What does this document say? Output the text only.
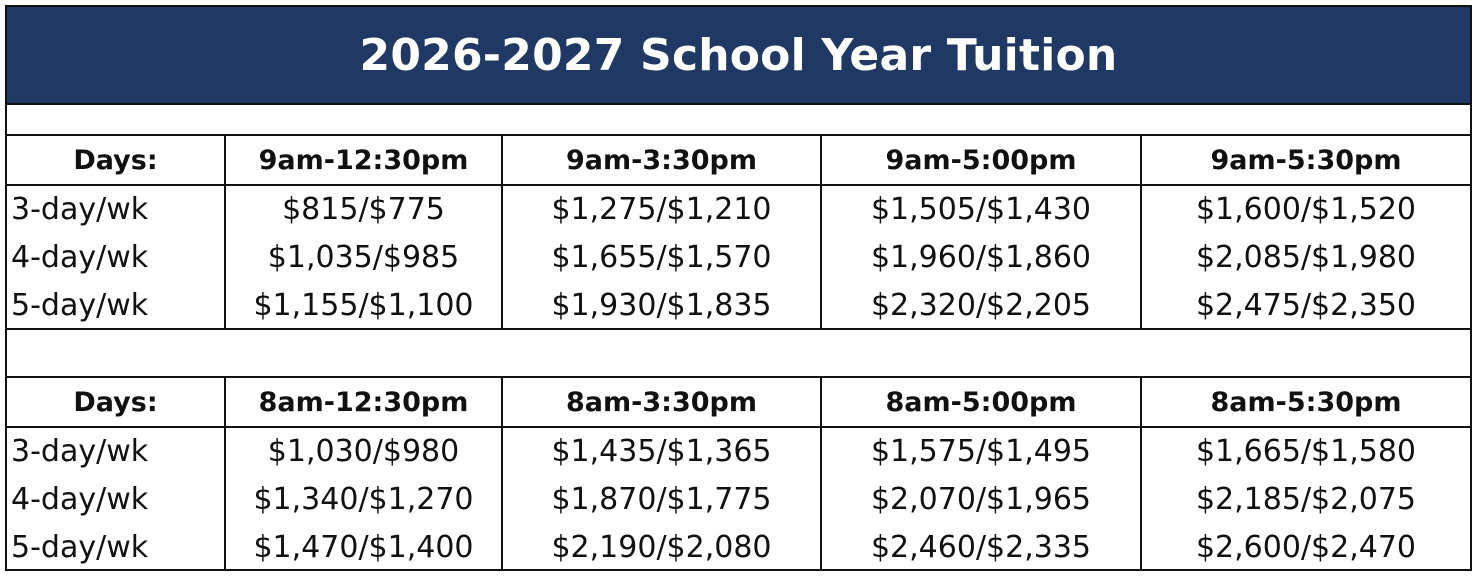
2026-2027 School Year Tuition
Days:	9am-12:30pm	9am-3:30pm	9am-5:00pm	9am-5:30pm
3-day/wk	$815/$775	$1,275/$1,210	$1,505/$1,430	$1,600/$1,520
4-day/wk	$1,035/$985	$1,655/$1,570	$1,960/$1,860	$2,085/$1,980
5-day/wk	$1,155/$1,100	$1,930/$1,835	$2,320/$2,205	$2,475/$2,350
Days:	8am-12:30pm	8am-3:30pm	8am-5:00pm	8am-5:30pm
3-day/wk	$1,030/$980	$1,435/$1,365	$1,575/$1,495	$1,665/$1,580
4-day/wk	$1,340/$1,270	$1,870/$1,775	$2,070/$1,965	$2,185/$2,075
5-day/wk	$1,470/$1,400	$2,190/$2,080	$2,460/$2,335	$2,600/$2,470
